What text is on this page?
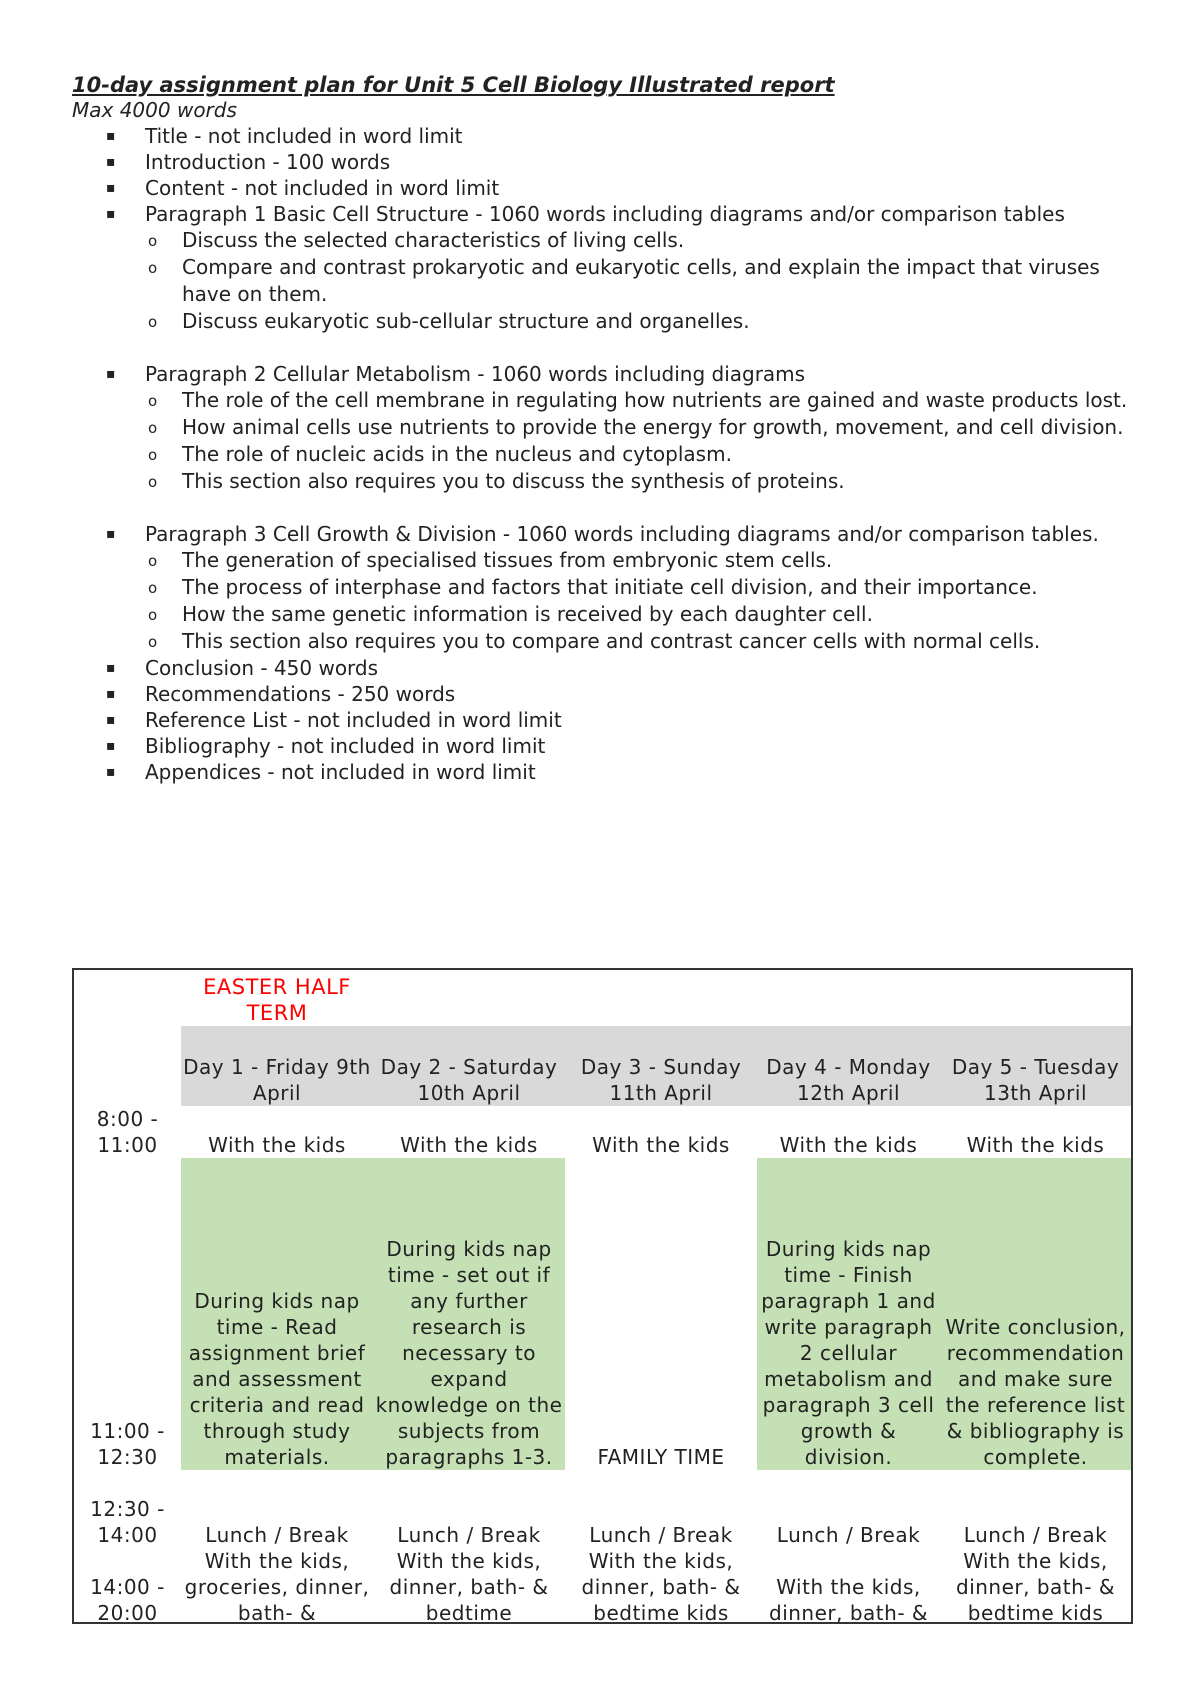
10-day assignment plan for Unit 5 Cell Biology Illustrated report

Max 4000 words

▪ Title - not included in word limit
▪ Introduction - 100 words
▪ Content - not included in word limit
▪ Paragraph 1 Basic Cell Structure - 1060 words including diagrams and/or comparison tables
o Discuss the selected characteristics of living cells.
o Compare and contrast prokaryotic and eukaryotic cells, and explain the impact that viruses have on them.
o Discuss eukaryotic sub-cellular structure and organelles.
▪ Paragraph 2 Cellular Metabolism - 1060 words including diagrams
o The role of the cell membrane in regulating how nutrients are gained and waste products lost.
o How animal cells use nutrients to provide the energy for growth, movement, and cell division.
o The role of nucleic acids in the nucleus and cytoplasm.
o This section also requires you to discuss the synthesis of proteins.
▪ Paragraph 3 Cell Growth & Division - 1060 words including diagrams and/or comparison tables.
o The generation of specialised tissues from embryonic stem cells.
o The process of interphase and factors that initiate cell division, and their importance.
o How the same genetic information is received by each daughter cell.
o This section also requires you to compare and contrast cancer cells with normal cells.
▪ Conclusion - 450 words
▪ Recommendations - 250 words
▪ Reference List - not included in word limit
▪ Bibliography - not included in word limit
▪ Appendices - not included in word limit
	EASTER HALF TERM				
	Day 1 - Friday 9th April	Day 2 - Saturday 10th April	Day 3 - Sunday 11th April	Day 4 - Monday 12th April	Day 5 - Tuesday 13th April
8:00 - 11:00	With the kids	With the kids	With the kids	With the kids	With the kids
11:00 - 12:30	During kids nap time - Read assignment brief and assessment criteria and read through study materials.	During kids nap time - set out if any further research is necessary to expand knowledge on the subjects from paragraphs 1-3.	FAMILY TIME	During kids nap time - Finish paragraph 1 and write paragraph 2 cellular metabolism and paragraph 3 cell growth & division.	Write conclusion, recommendation and make sure the reference list & bibliography is complete.
12:30 - 14:00	Lunch / Break	Lunch / Break	Lunch / Break	Lunch / Break	Lunch / Break
14:00 - 20:00	With the kids, groceries, dinner, bath- &	With the kids, dinner, bath- & bedtime	With the kids, dinner, bath- & bedtime kids	With the kids, dinner, bath- &	With the kids, dinner, bath- & bedtime kids
